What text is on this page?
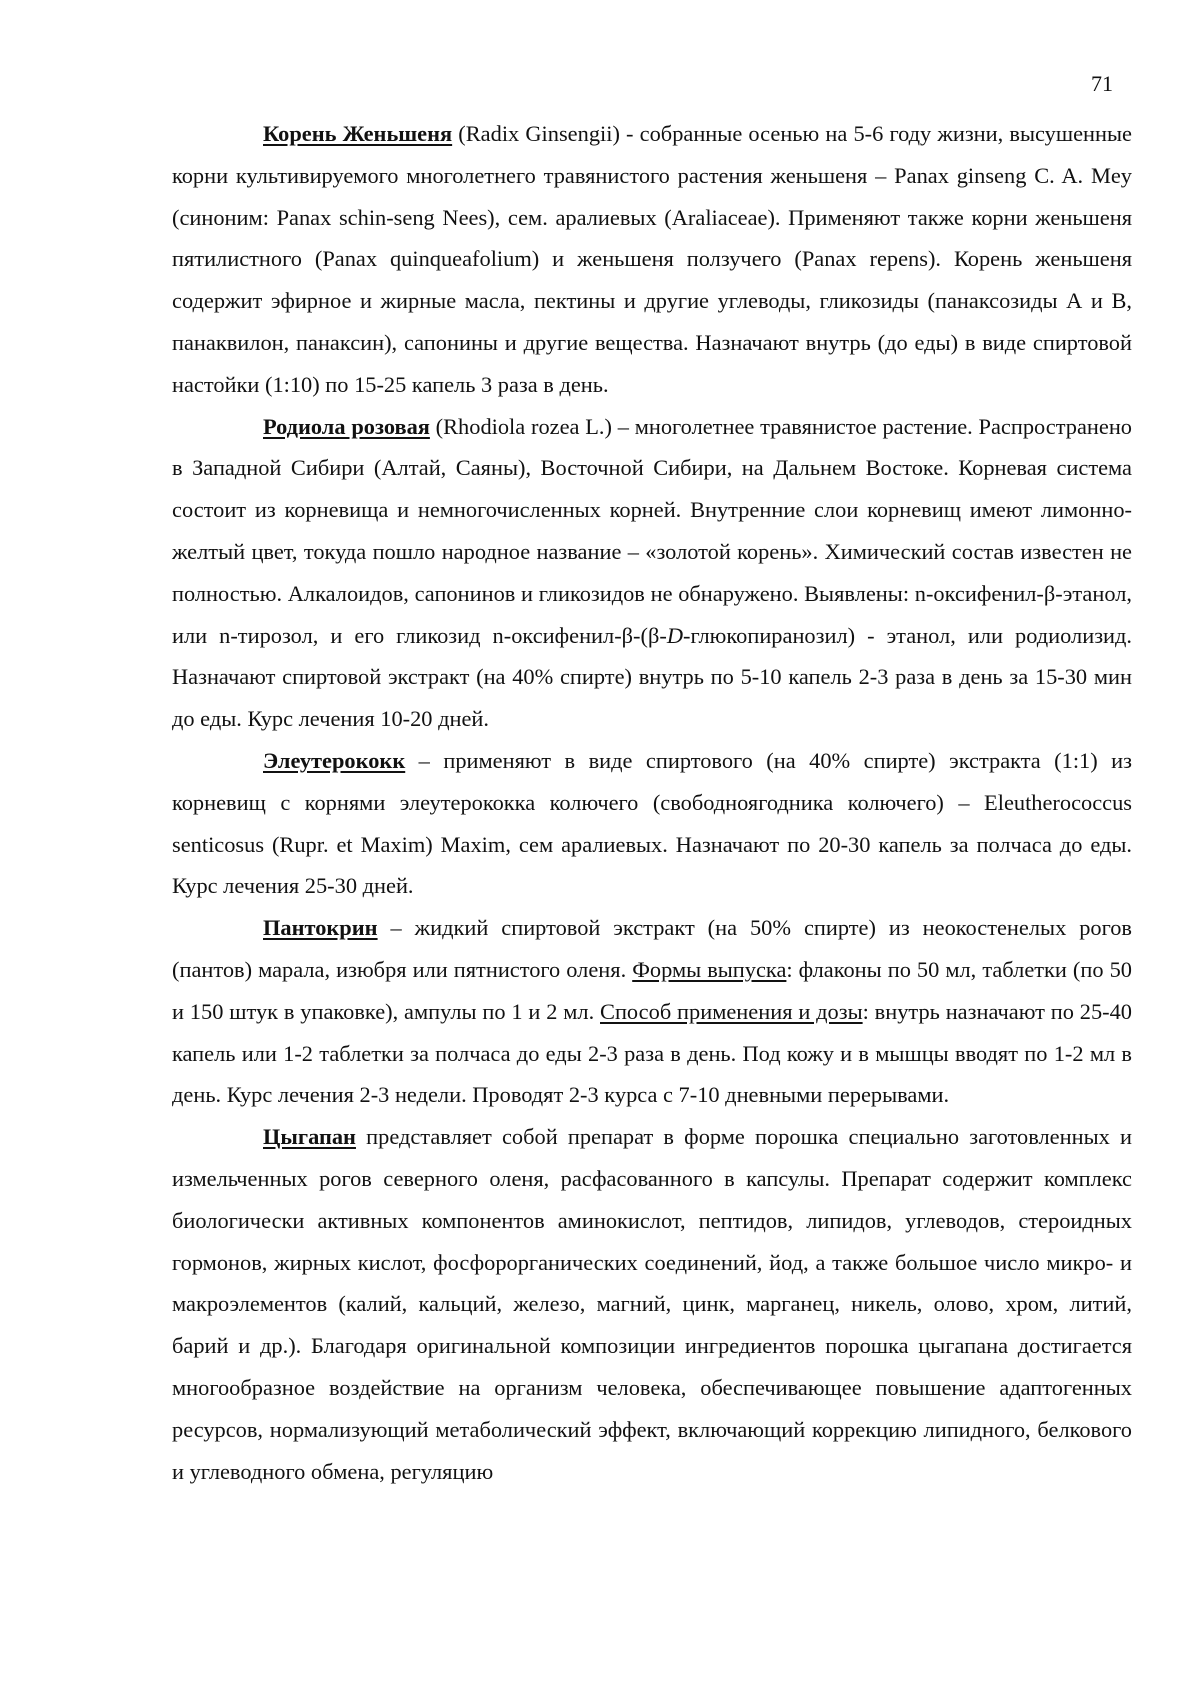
71

Корень Женьшеня (Radix Ginsengii) - собранные осенью на 5-6 году жизни, высушенные корни культивируемого многолетнего травянистого растения женьшеня – Panax ginseng C. A. Mey (синоним: Panax schin-seng Nees), сем. аралиевых (Araliaceae). Применяют также корни женьшеня пятилистного (Panax quinqueafolium) и женьшеня ползучего (Panax repens). Корень женьшеня содержит эфирное и жирные масла, пектины и другие углеводы, гликозиды (панаксозиды А и В, панаквилон, панаксин), сапонины и другие вещества. Назначают внутрь (до еды) в виде спиртовой настойки (1:10) по 15-25 капель 3 раза в день.

Родиола розовая (Rhodiola rozea L.) – многолетнее травянистое растение. Распространено в Западной Сибири (Алтай, Саяны), Восточной Сибири, на Дальнем Востоке. Корневая система состоит из корневища и немногочисленных корней. Внутренние слои корневищ имеют лимонно-желтый цвет, токуда пошло народное название – «золотой корень». Химический состав известен не полностью. Алкалоидов, сапонинов и гликозидов не обнаружено. Выявлены: n-оксифенил-β-этанол, или n-тирозол, и его гликозид n-оксифенил-β-(β-D-глюкопиранозил) - этанол, или родиолизид. Назначают спиртовой экстракт (на 40% спирте) внутрь по 5-10 капель 2-3 раза в день за 15-30 мин до еды. Курс лечения 10-20 дней.

Элеутерококк – применяют в виде спиртового (на 40% спирте) экстракта (1:1) из корневищ с корнями элеутерококка колючего (свободноягодника колючего) – Eleutherococcus senticosus (Rupr. et Maxim) Maxim, сем аралиевых. Назначают по 20-30 капель за полчаса до еды. Курс лечения 25-30 дней.

Пантокрин – жидкий спиртовой экстракт (на 50% спирте) из неокостенелых рогов (пантов) марала, изюбря или пятнистого оленя. Формы выпуска: флаконы по 50 мл, таблетки (по 50 и 150 штук в упаковке), ампулы по 1 и 2 мл. Способ применения и дозы: внутрь назначают по 25-40 капель или 1-2 таблетки за полчаса до еды 2-3 раза в день. Под кожу и в мышцы вводят по 1-2 мл в день. Курс лечения 2-3 недели. Проводят 2-3 курса с 7-10 дневными перерывами.

Цыгапан представляет собой препарат в форме порошка специально заготовленных и измельченных рогов северного оленя, расфасованного в капсулы. Препарат содержит комплекс биологически активных компонентов аминокислот, пептидов, липидов, углеводов, стероидных гормонов, жирных кислот, фосфорорганических соединений, йод, а также большое число микро- и макроэлементов (калий, кальций, железо, магний, цинк, марганец, никель, олово, хром, литий, барий и др.). Благодаря оригинальной композиции ингредиентов порошка цыгапана достигается многообразное воздействие на организм человека, обеспечивающее повышение адаптогенных ресурсов, нормализующий метаболический эффект, включающий коррекцию липидного, белкового и углеводного обмена, регуляцию
